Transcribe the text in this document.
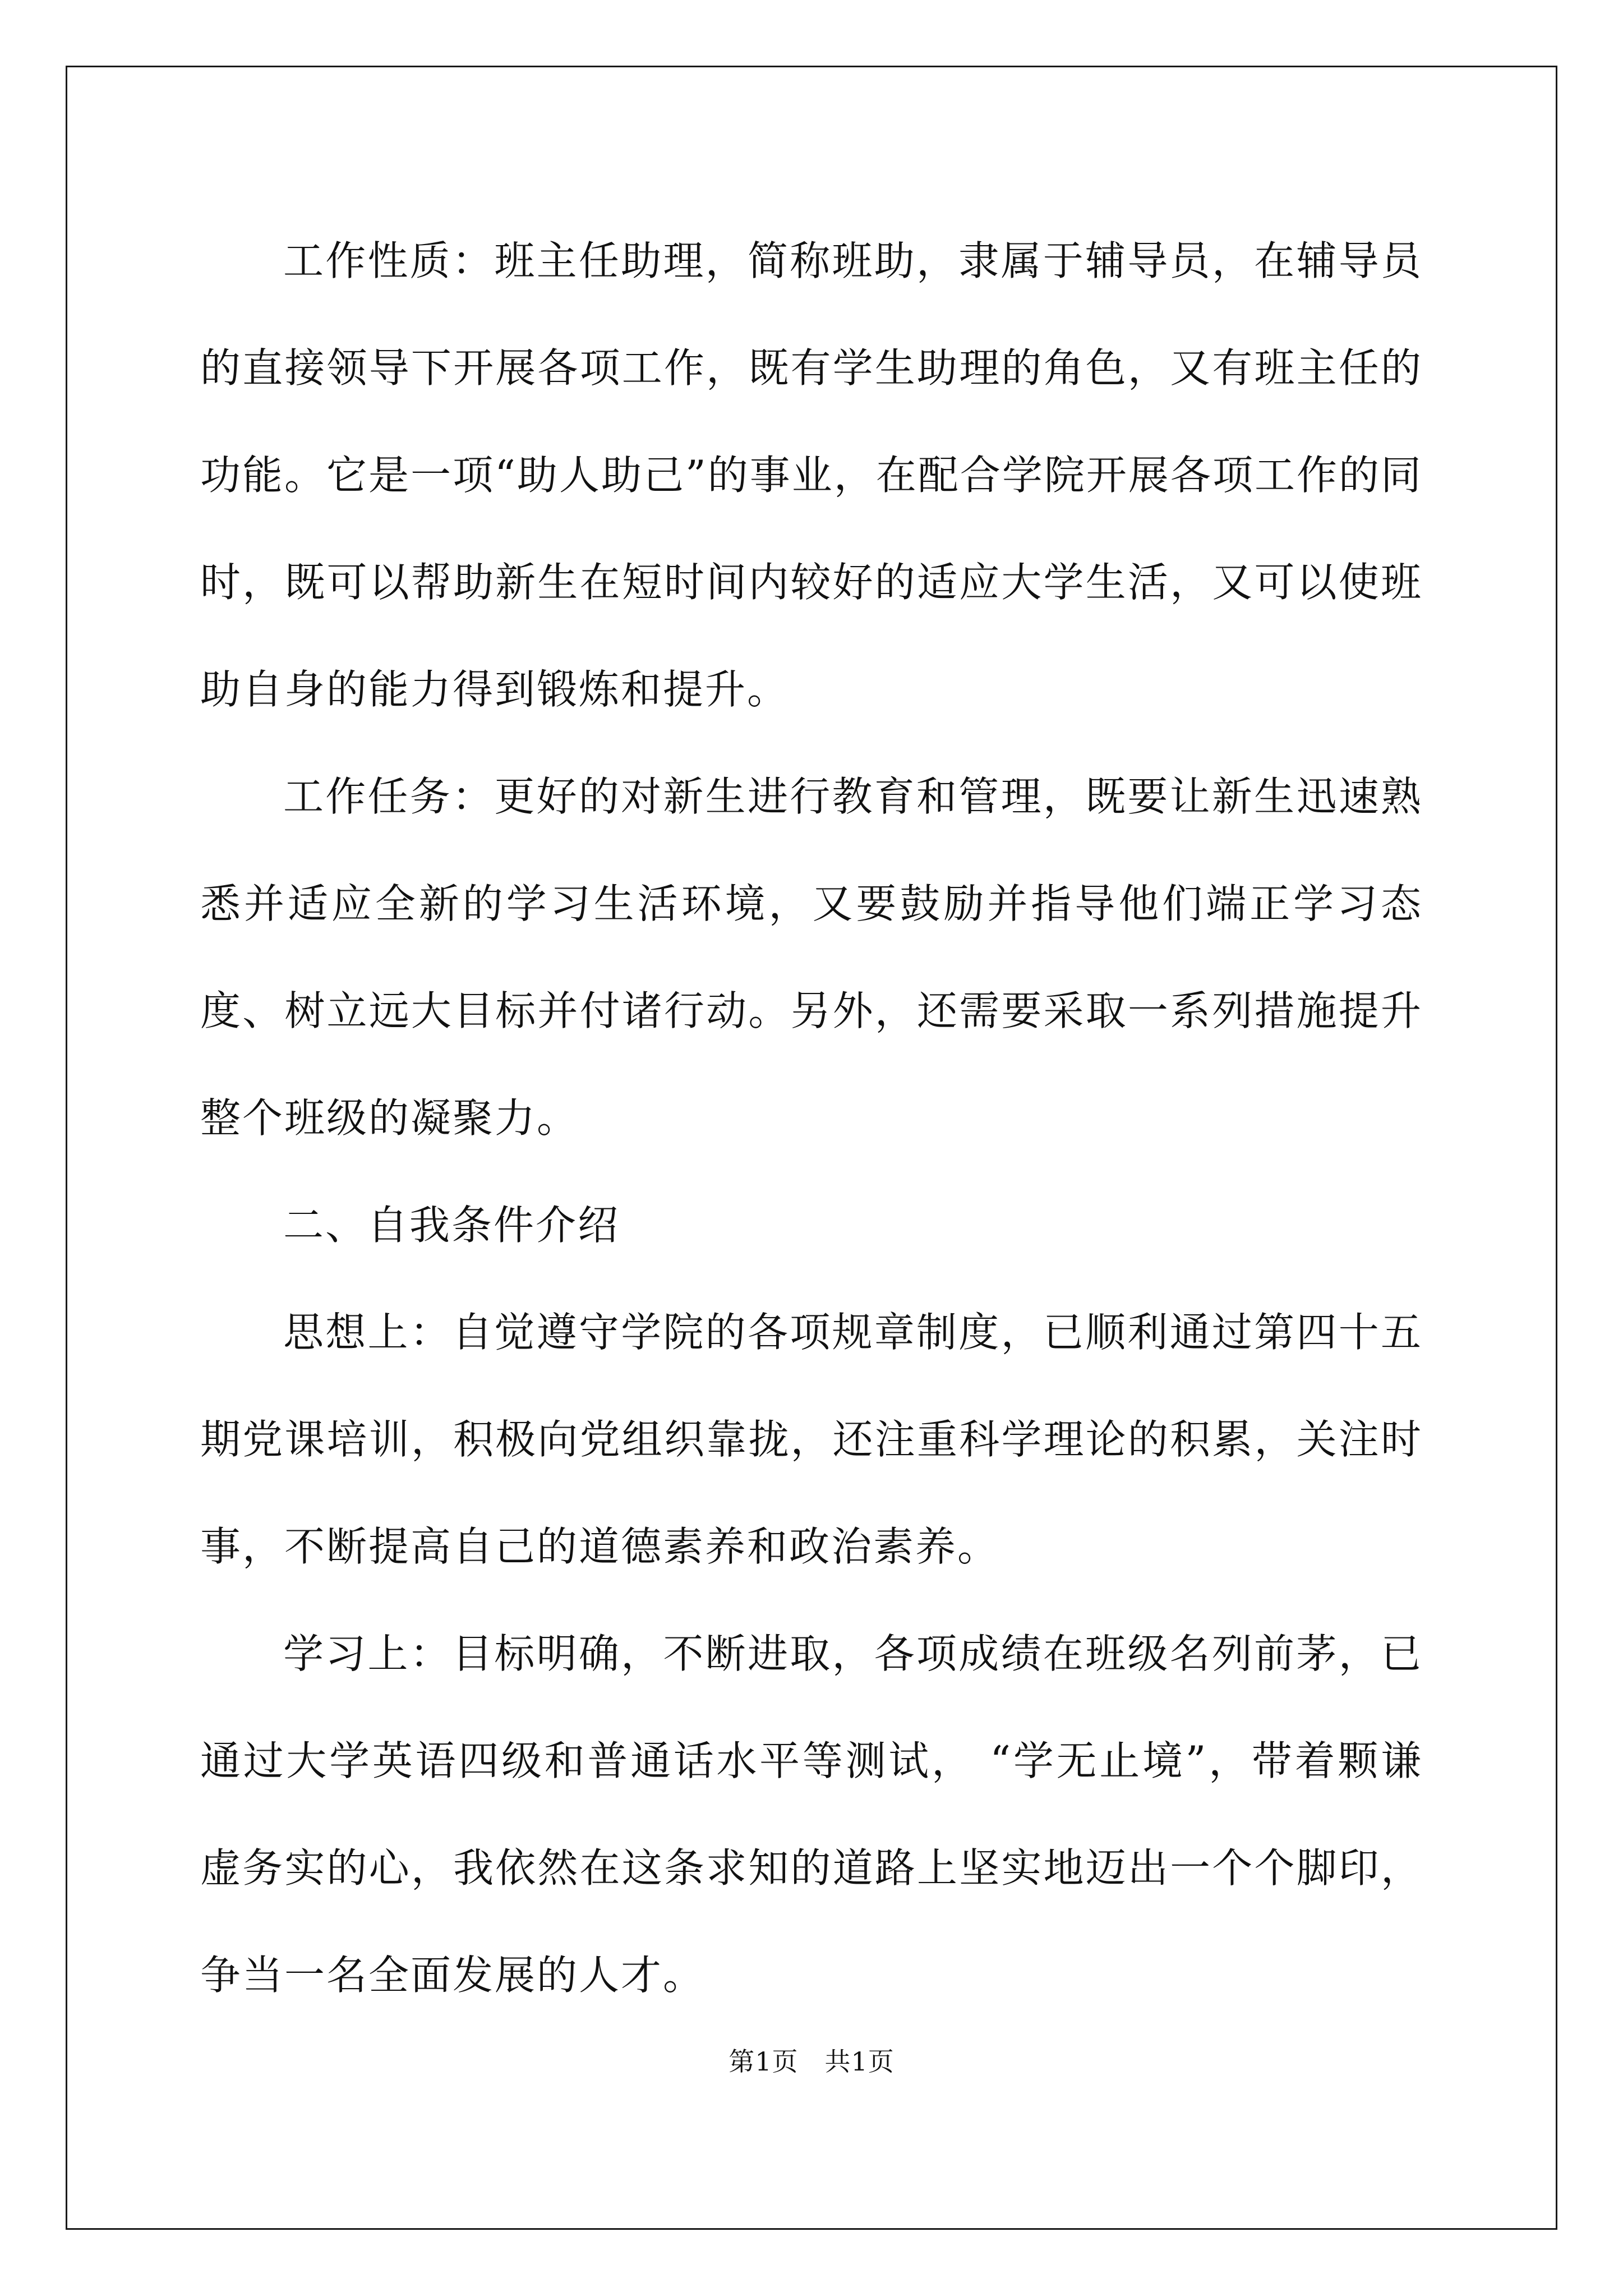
工作性质：班主任助理，简称班助，隶属于辅导员，在辅导员的直接领导下开展各项工作，既有学生助理的角色，又有班主任的功能。它是一项“助人助己”的事业，在配合学院开展各项工作的同时，既可以帮助新生在短时间内较好的适应大学生活，又可以使班助自身的能力得到锻炼和提升。

工作任务：更好的对新生进行教育和管理，既要让新生迅速熟悉并适应全新的学习生活环境，又要鼓励并指导他们端正学习态度、树立远大目标并付诸行动。另外，还需要采取一系列措施提升整个班级的凝聚力。

二、自我条件介绍

思想上：自觉遵守学院的各项规章制度，已顺利通过第四十五期党课培训，积极向党组织靠拢，还注重科学理论的积累，关注时事，不断提高自己的道德素养和政治素养。

学习上：目标明确，不断进取，各项成绩在班级名列前茅，已通过大学英语四级和普通话水平等测试， “学无止境”，带着颗谦虚务实的心，我依然在这条求知的道路上坚实地迈出一个个脚印，争当一名全面发展的人才。

第1页　共1页
